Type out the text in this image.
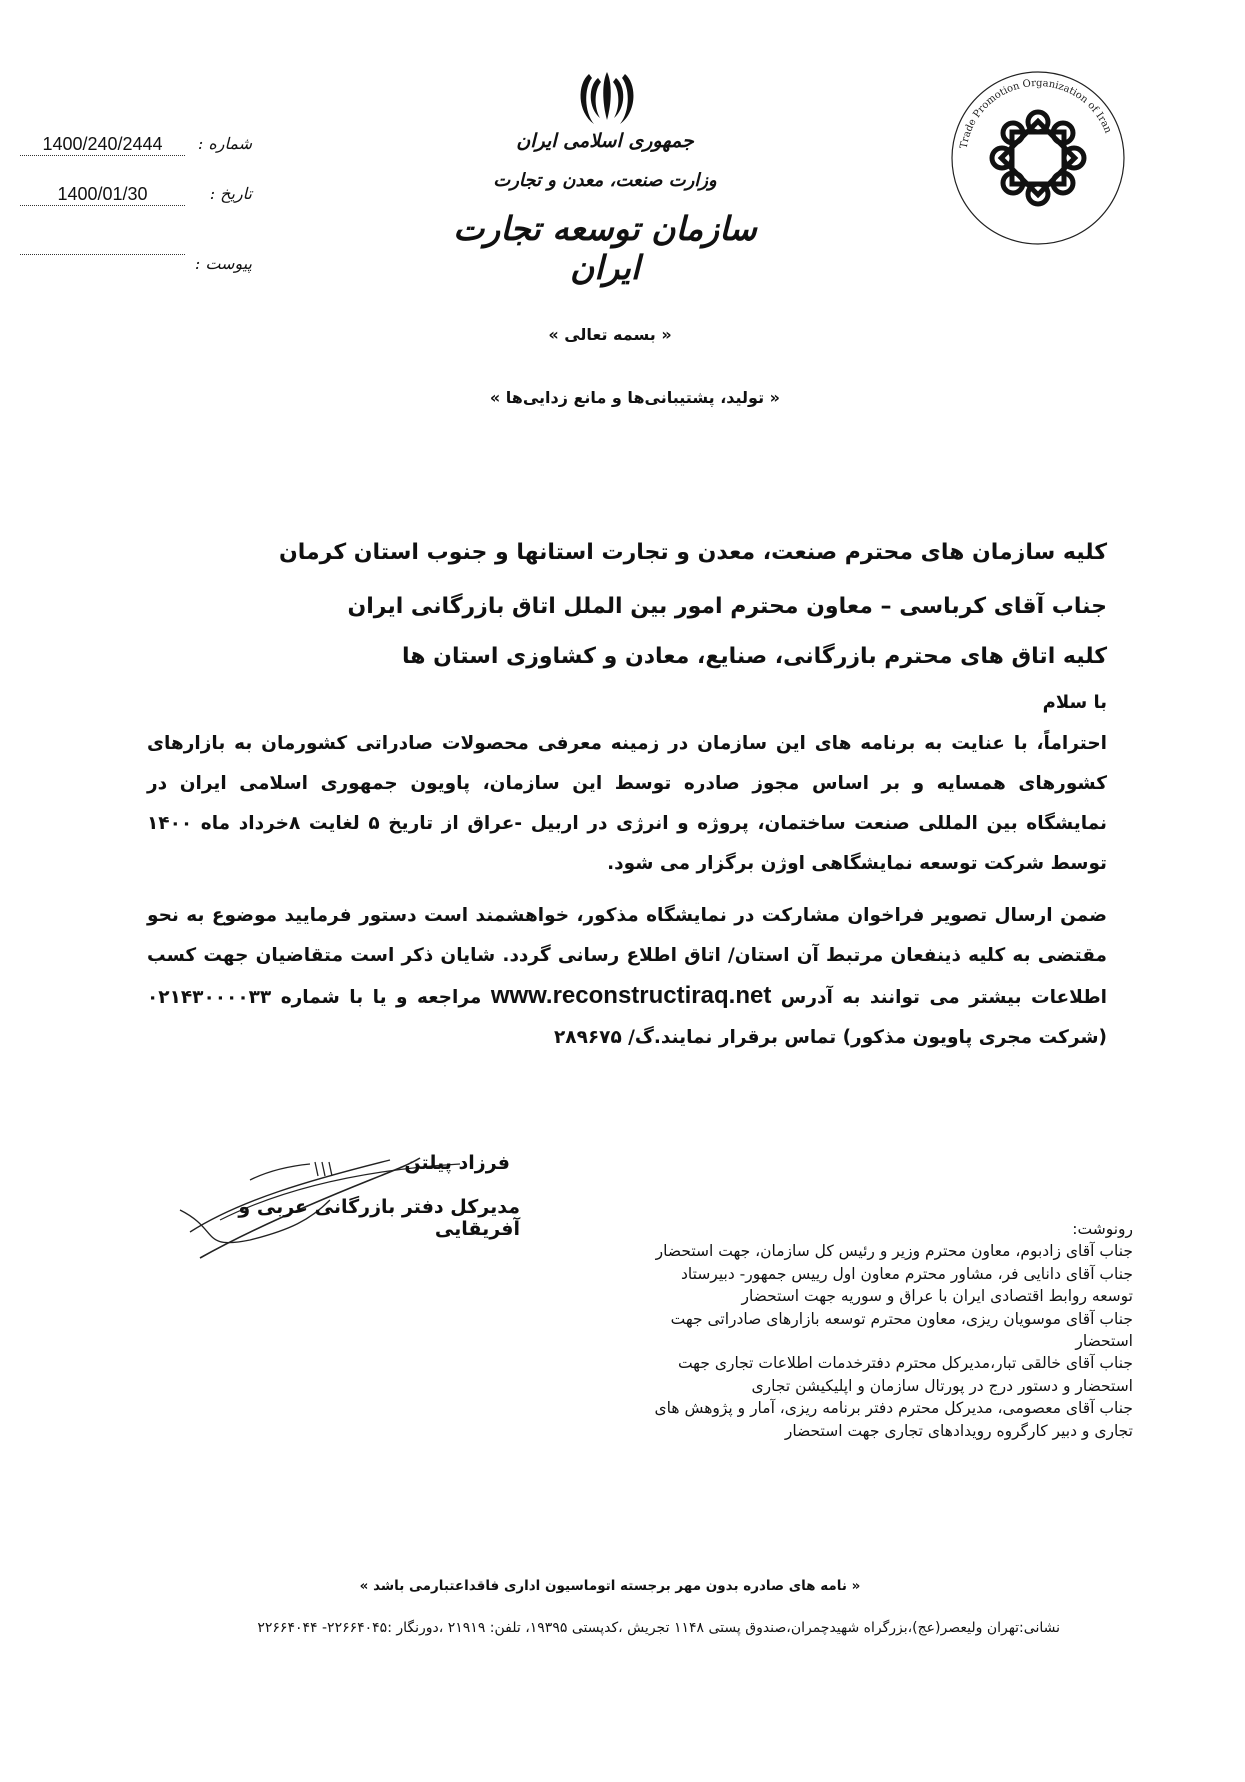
جمهوری اسلامی ایران
وزارت صنعت، معدن و تجارت
سازمان توسعه تجارت ایران
1400/240/2444	شماره :
1400/01/30	تاریخ :
پیوست :
Trade Promotion Organization of Iran
« بسمه تعالی »
« تولید، پشتیبانی‌ها و مانع زدایی‌ها »
کلیه سازمان های محترم صنعت، معدن و تجارت استانها و جنوب استان کرمان
جناب آقای کرباسی – معاون محترم امور بین الملل اتاق بازرگانی ایران
کلیه اتاق های محترم بازرگانی، صنایع، معادن و کشاوزی استان ها
با سلام
احتراماً، با عنایت به برنامه های این سازمان در زمینه معرفی محصولات صادراتی کشورمان به بازارهای کشورهای همسایه و بر اساس مجوز صادره توسط این سازمان، پاویون جمهوری اسلامی ایران در نمایشگاه بین المللی صنعت ساختمان، پروژه و انرژی در اربیل -عراق از تاریخ ۵ لغایت ۸خرداد ماه ۱۴۰۰ توسط شرکت توسعه نمایشگاهی اوژن برگزار می شود.
ضمن ارسال تصویر فراخوان مشارکت در نمایشگاه مذکور، خواهشمند است دستور فرمایید موضوع به نحو مقتضی به کلیه ذینفعان مرتبط آن استان/ اتاق اطلاع رسانی گردد. شایان ذکر است متقاضیان جهت کسب اطلاعات بیشتر می توانند به آدرس www.reconstructiraq.net مراجعه و یا با شماره ۰۲۱۴۳۰۰۰۰۳۳ (شرکت مجری پاویون مذکور) تماس برقرار نمایند.گ/ ۲۸۹۶۷۵
فرزاد پیلتن
مدیرکل دفتر بازرگانی عربی و آفریقایی	رونوشت:

جناب آقای زادبوم، معاون محترم وزیر و رئیس کل سازمان، جهت استحضار

جناب آقای دانایی فر، مشاور محترم معاون اول رییس جمهور- دبیرستاد توسعه روابط اقتصادی ایران با عراق و سوریه جهت استحضار

جناب آقای موسویان ریزی، معاون محترم توسعه بازارهای صادراتی جهت استحضار

جناب آقای خالقی تبار،مدیرکل محترم دفترخدمات اطلاعات تجاری جهت استحضار و دستور درج در پورتال سازمان و اپلیکیشن تجاری

جناب آقای معصومی، مدیرکل محترم دفتر برنامه ریزی، آمار و پژوهش های تجاری و دبیر کارگروه رویدادهای تجاری جهت استحضار

« نامه های صادره بدون مهر برجسته اتوماسیون اداری فاقداعتبارمی باشد »
نشانی:تهران ولیعصر(عج)،بزرگراه شهیدچمران،صندوق پستی ۱۱۴۸ تجریش ،کدپستی ۱۹۳۹۵، تلفن: ۲۱۹۱۹ ،دورنگار :۲۲۶۶۴۰۴۵- ۲۲۶۶۴۰۴۴
